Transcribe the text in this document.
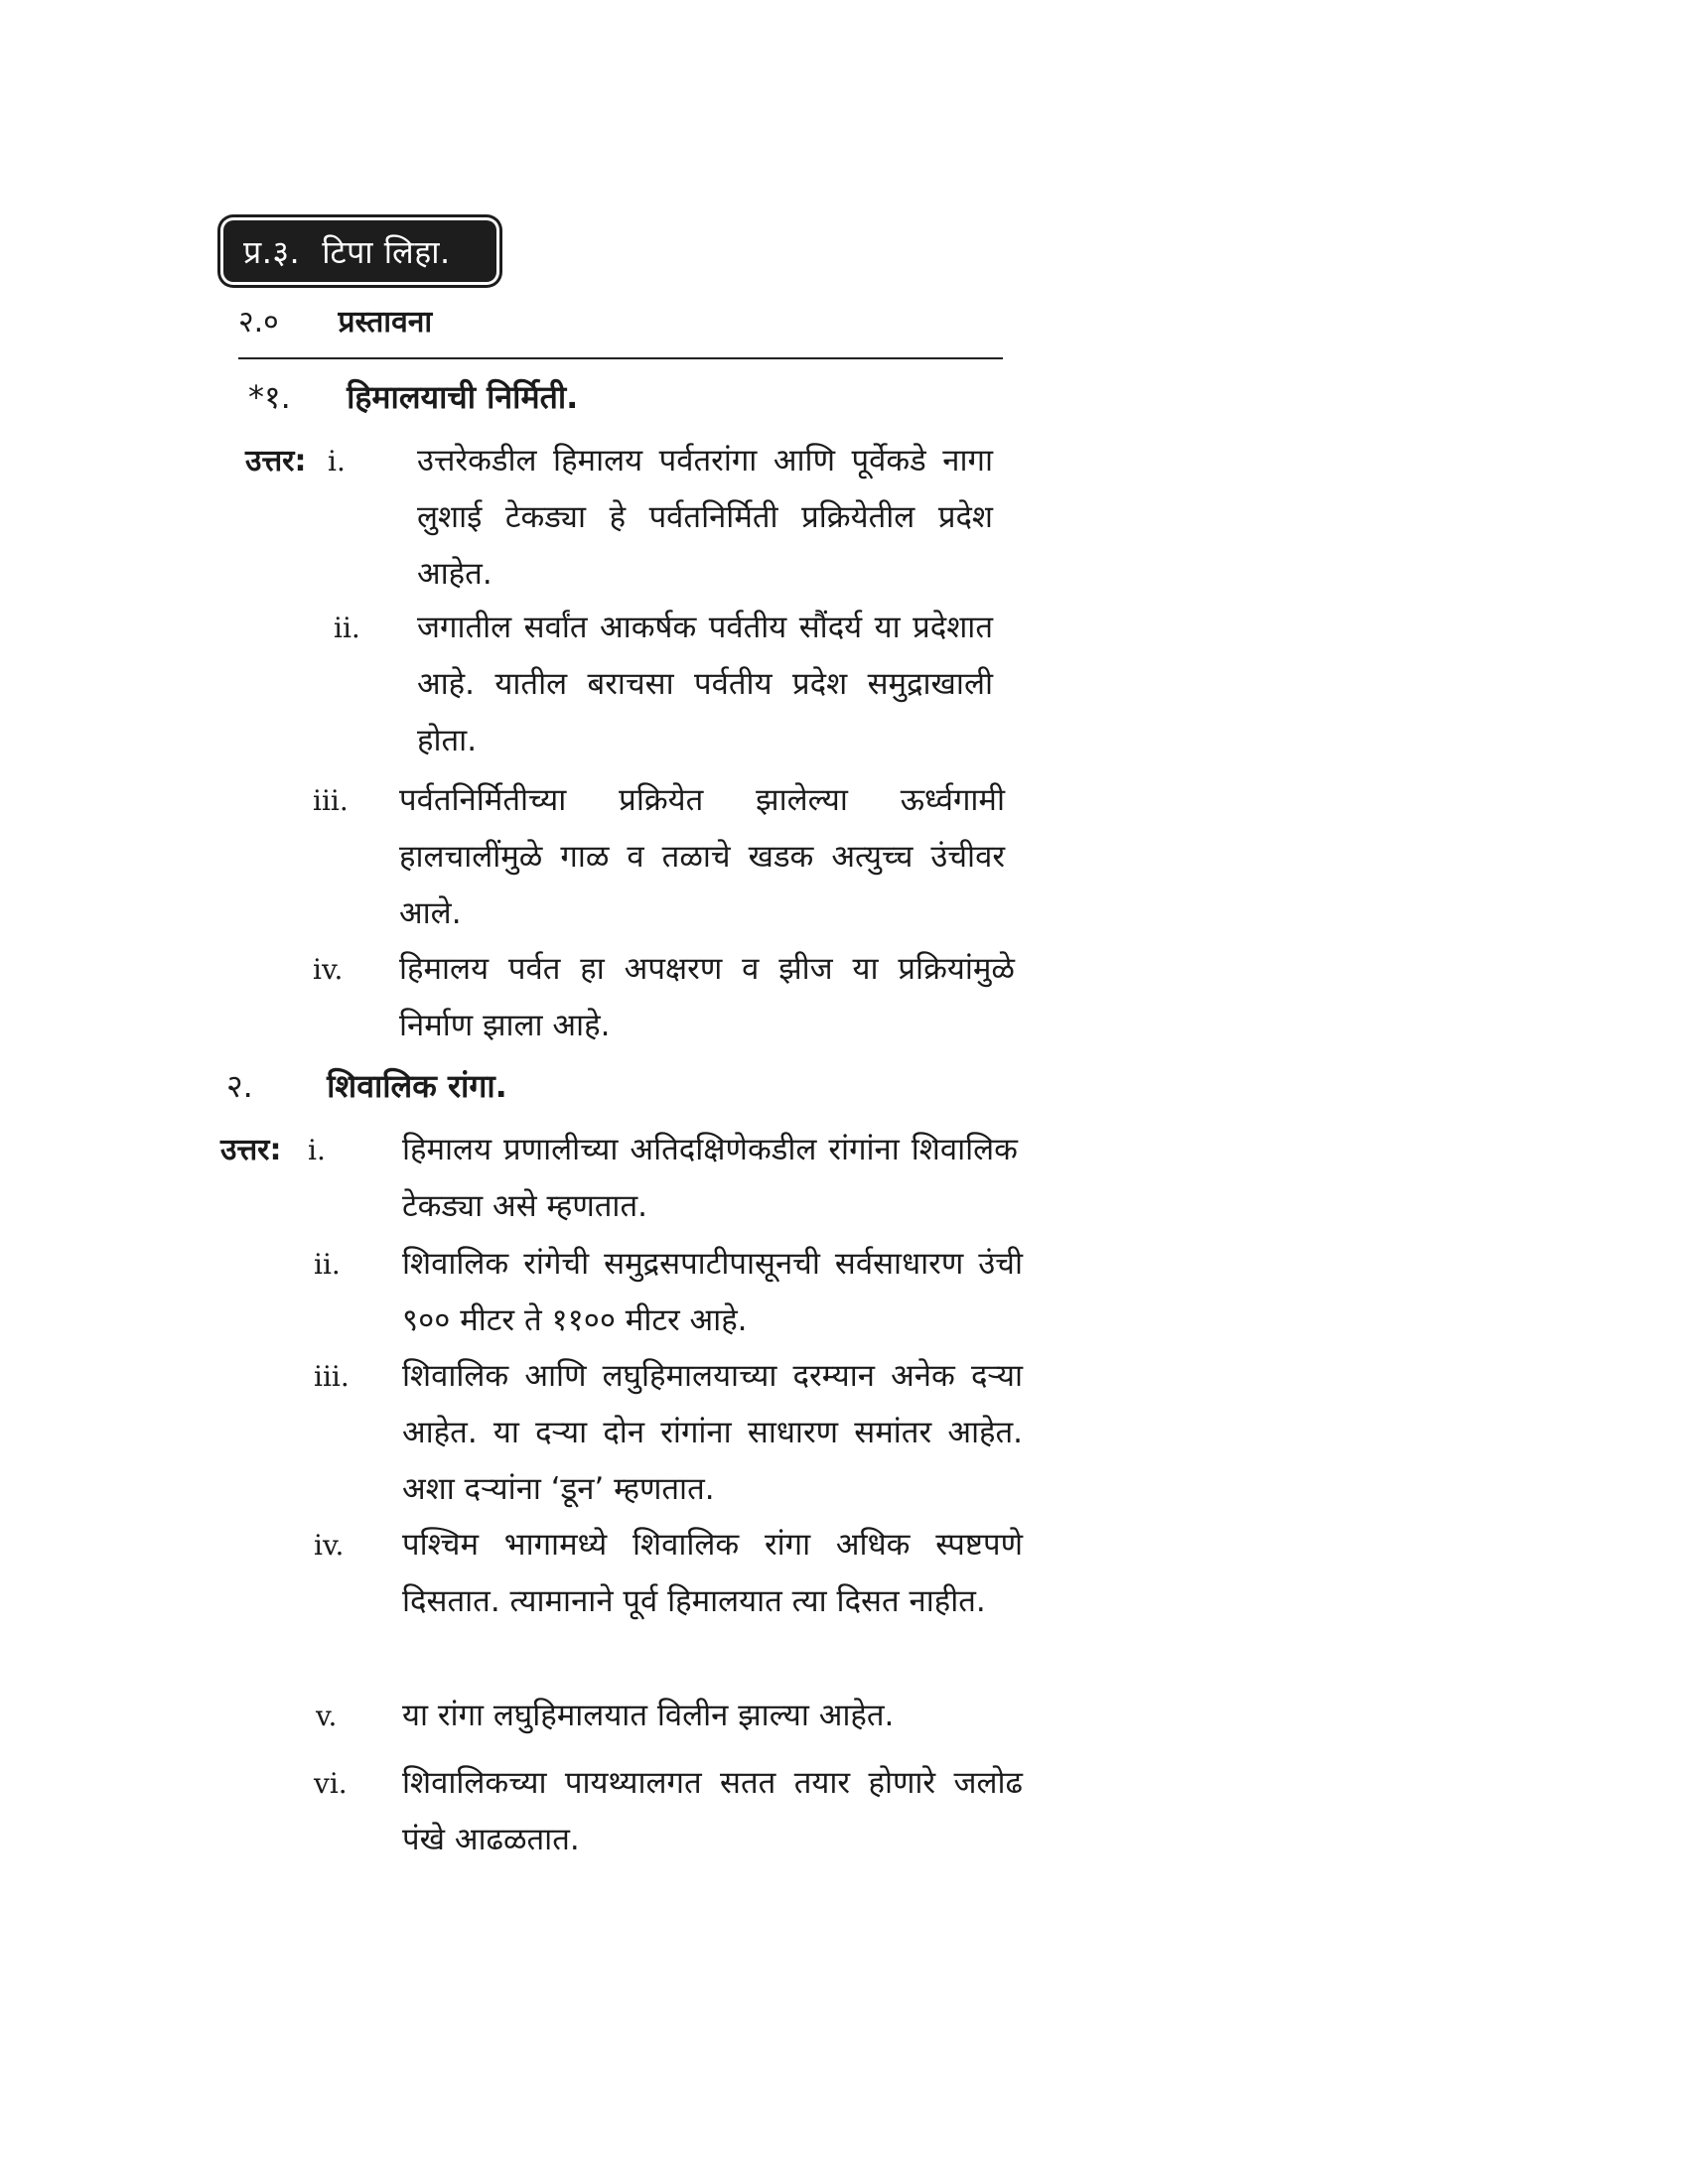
प्र.३. टिपा लिहा.
२.० प्रस्तावना
*१. हिमालयाची निर्मिती.
उत्तर: i. उत्तरेकडील हिमालय पर्वतरांगा आणि पूर्वेकडे नागा लुशाई टेकड्या हे पर्वतनिर्मिती प्रक्रियेतील प्रदेश आहेत.
ii. जगातील सर्वांत आकर्षक पर्वतीय सौंदर्य या प्रदेशात आहे. यातील बराचसा पर्वतीय प्रदेश समुद्राखाली होता.
iii. पर्वतनिर्मितीच्या प्रक्रियेत झालेल्या ऊर्ध्वगामी हालचालींमुळे गाळ व तळाचे खडक अत्युच्च उंचीवर आले.
iv. हिमालय पर्वत हा अपक्षरण व झीज या प्रक्रियांमुळे निर्माण झाला आहे.
२. शिवालिक रांगा.
उत्तर: i. हिमालय प्रणालीच्या अतिदक्षिणेकडील रांगांना शिवालिक टेकड्या असे म्हणतात.
ii. शिवालिक रांगेची समुद्रसपाटीपासूनची सर्वसाधारण उंची ९०० मीटर ते ११०० मीटर आहे.
iii. शिवालिक आणि लघुहिमालयाच्या दरम्यान अनेक दऱ्या आहेत. या दऱ्या दोन रांगांना साधारण समांतर आहेत. अशा दऱ्यांना ‘डून’ म्हणतात.
iv. पश्चिम भागामध्ये शिवालिक रांगा अधिक स्पष्टपणे दिसतात. त्यामानाने पूर्व हिमालयात त्या दिसत नाहीत.
v. या रांगा लघुहिमालयात विलीन झाल्या आहेत.
vi. शिवालिकच्या पायथ्यालगत सतत तयार होणारे जलोढ पंखे आढळतात.
